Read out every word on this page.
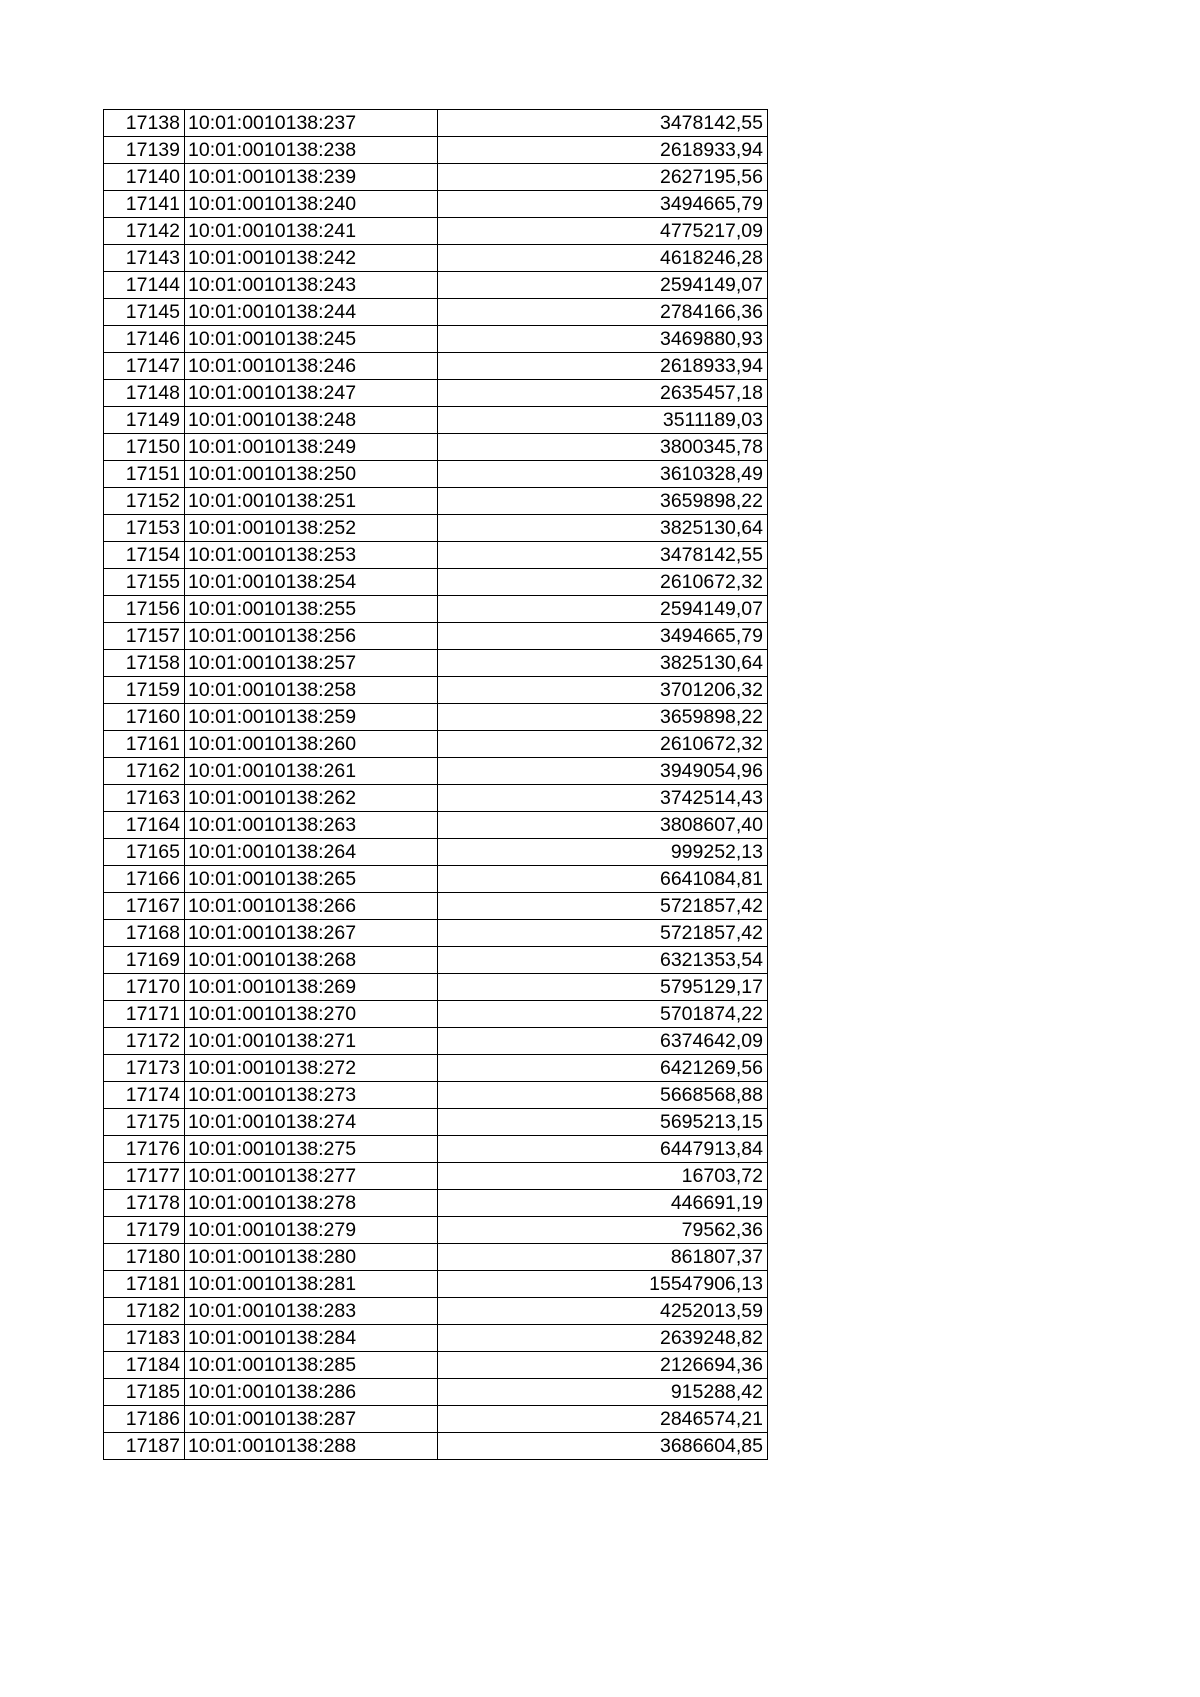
17138	10:01:0010138:237	3478142,55
17139	10:01:0010138:238	2618933,94
17140	10:01:0010138:239	2627195,56
17141	10:01:0010138:240	3494665,79
17142	10:01:0010138:241	4775217,09
17143	10:01:0010138:242	4618246,28
17144	10:01:0010138:243	2594149,07
17145	10:01:0010138:244	2784166,36
17146	10:01:0010138:245	3469880,93
17147	10:01:0010138:246	2618933,94
17148	10:01:0010138:247	2635457,18
17149	10:01:0010138:248	3511189,03
17150	10:01:0010138:249	3800345,78
17151	10:01:0010138:250	3610328,49
17152	10:01:0010138:251	3659898,22
17153	10:01:0010138:252	3825130,64
17154	10:01:0010138:253	3478142,55
17155	10:01:0010138:254	2610672,32
17156	10:01:0010138:255	2594149,07
17157	10:01:0010138:256	3494665,79
17158	10:01:0010138:257	3825130,64
17159	10:01:0010138:258	3701206,32
17160	10:01:0010138:259	3659898,22
17161	10:01:0010138:260	2610672,32
17162	10:01:0010138:261	3949054,96
17163	10:01:0010138:262	3742514,43
17164	10:01:0010138:263	3808607,40
17165	10:01:0010138:264	999252,13
17166	10:01:0010138:265	6641084,81
17167	10:01:0010138:266	5721857,42
17168	10:01:0010138:267	5721857,42
17169	10:01:0010138:268	6321353,54
17170	10:01:0010138:269	5795129,17
17171	10:01:0010138:270	5701874,22
17172	10:01:0010138:271	6374642,09
17173	10:01:0010138:272	6421269,56
17174	10:01:0010138:273	5668568,88
17175	10:01:0010138:274	5695213,15
17176	10:01:0010138:275	6447913,84
17177	10:01:0010138:277	16703,72
17178	10:01:0010138:278	446691,19
17179	10:01:0010138:279	79562,36
17180	10:01:0010138:280	861807,37
17181	10:01:0010138:281	15547906,13
17182	10:01:0010138:283	4252013,59
17183	10:01:0010138:284	2639248,82
17184	10:01:0010138:285	2126694,36
17185	10:01:0010138:286	915288,42
17186	10:01:0010138:287	2846574,21
17187	10:01:0010138:288	3686604,85
